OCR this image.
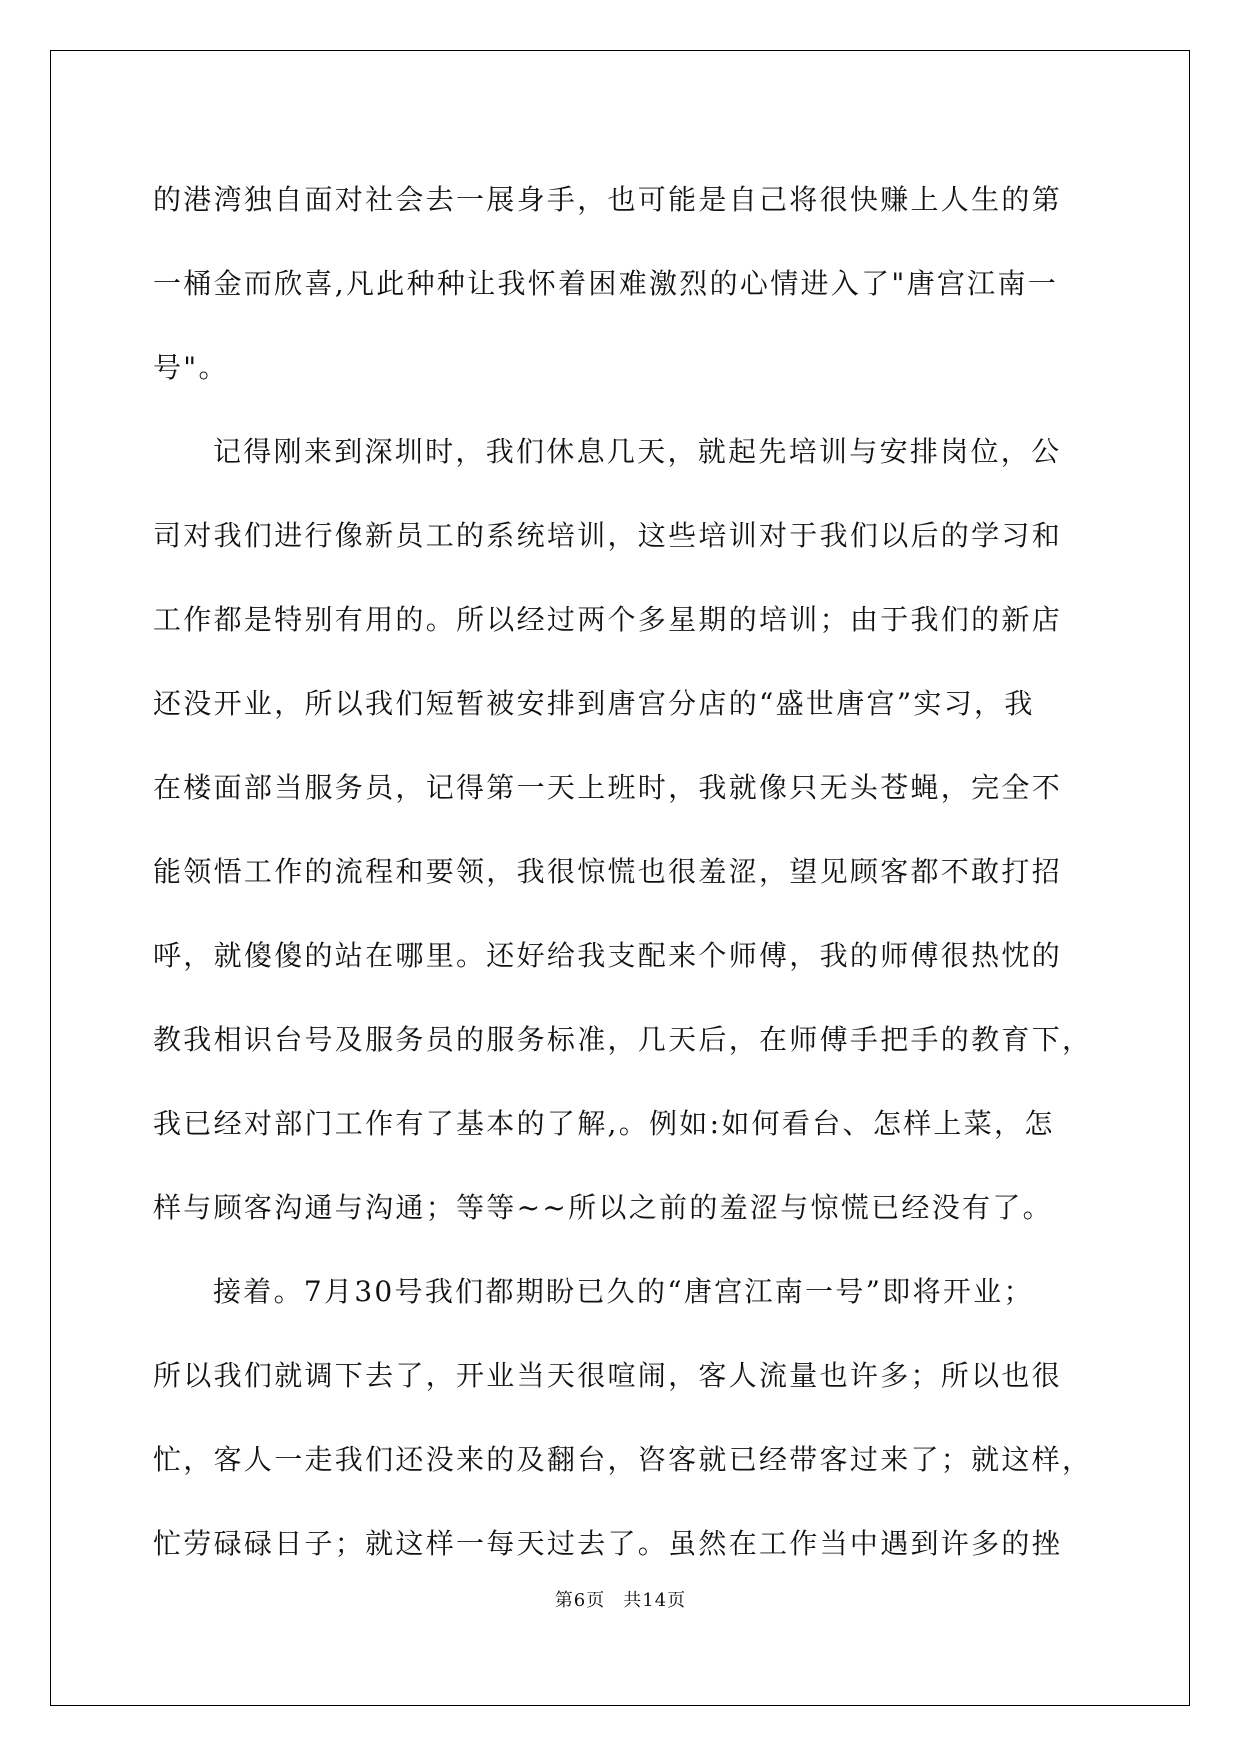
的港湾独自面对社会去一展身手，也可能是自己将很快赚上人生的第
一桶金而欣喜,凡此种种让我怀着困难激烈的心情进入了"唐宫江南一
号"。
记得刚来到深圳时，我们休息几天，就起先培训与安排岗位，公
司对我们进行像新员工的系统培训，这些培训对于我们以后的学习和
工作都是特别有用的。所以经过两个多星期的培训；由于我们的新店
还没开业，所以我们短暂被安排到唐宫分店的“盛世唐宫”实习，我
在楼面部当服务员，记得第一天上班时，我就像只无头苍蝇，完全不
能领悟工作的流程和要领，我很惊慌也很羞涩，望见顾客都不敢打招
呼，就傻傻的站在哪里。还好给我支配来个师傅，我的师傅很热忱的
教我相识台号及服务员的服务标准，几天后，在师傅手把手的教育下，
我已经对部门工作有了基本的了解,。例如:如何看台、怎样上菜，怎
样与顾客沟通与沟通；等等~~所以之前的羞涩与惊慌已经没有了。
接着。7月30号我们都期盼已久的“唐宫江南一号”即将开业；
所以我们就调下去了，开业当天很喧闹，客人流量也许多；所以也很
忙，客人一走我们还没来的及翻台，咨客就已经带客过来了；就这样，
忙劳碌碌日子；就这样一每天过去了。虽然在工作当中遇到许多的挫
第6页 共14页
